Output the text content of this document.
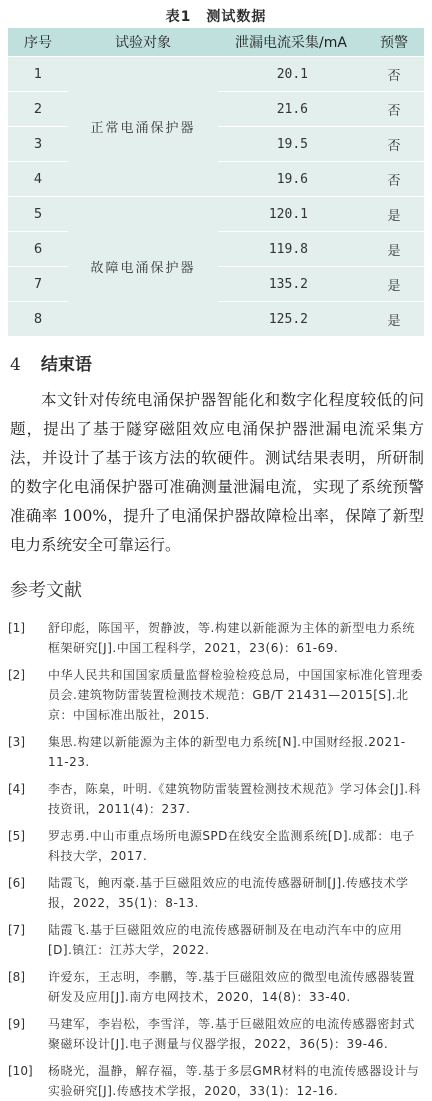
表1　测试数据
序号	试验对象	泄漏电流采集/mA	预警
1	正常电涌保护器	20.1	否
2		21.6	否
3		19.5	否
4		19.6	否
5	故障电涌保护器	120.1	是
6		119.8	是
7		135.2	是
8		125.2	是
4 结束语
本文针对传统电涌保护器智能化和数字化程度较低的问题，提出了基于隧穿磁阻效应电涌保护器泄漏电流采集方法，并设计了基于该方法的软硬件。测试结果表明，所研制的数字化电涌保护器可准确测量泄漏电流，实现了系统预警准确率 100%，提升了电涌保护器故障检出率，保障了新型电力系统安全可靠运行。
参考文献
[1]	舒印彪，陈国平，贺静波，等.构建以新能源为主体的新型电力系统框架研究[J].中国工程科学，2021，23(6)：61-69.
[2]	中华人民共和国国家质量监督检验检疫总局，中国国家标准化管理委员会.建筑物防雷装置检测技术规范：GB/T 21431—2015[S].北京：中国标准出版社，2015.
[3]	集思.构建以新能源为主体的新型电力系统[N].中国财经报.2021-11-23.
[4]	李杏，陈臬，叶明.《建筑物防雷装置检测技术规范》学习体会[J].科技资讯，2011(4)：237.
[5]	罗志勇.中山市重点场所电源SPD在线安全监测系统[D].成都：电子科技大学，2017.
[6]	陆霞飞，鲍丙豪.基于巨磁阻效应的电流传感器研制[J].传感技术学报，2022，35(1)：8-13.
[7]	陆霞飞.基于巨磁阻效应的电流传感器研制及在电动汽车中的应用[D].镇江：江苏大学，2022.
[8]	许爱东，王志明，李鹏，等.基于巨磁阻效应的微型电流传感器装置研发及应用[J].南方电网技术，2020，14(8)：33-40.
[9]	马建军，李岩松，李雪洋，等.基于巨磁阻效应的电流传感器密封式聚磁环设计[J].电子测量与仪器学报，2022，36(5)：39-46.
[10]	杨晓光，温静，解存福，等.基于多层GMR材料的电流传感器设计与实验研究[J].传感技术学报，2020，33(1)：12-16.
